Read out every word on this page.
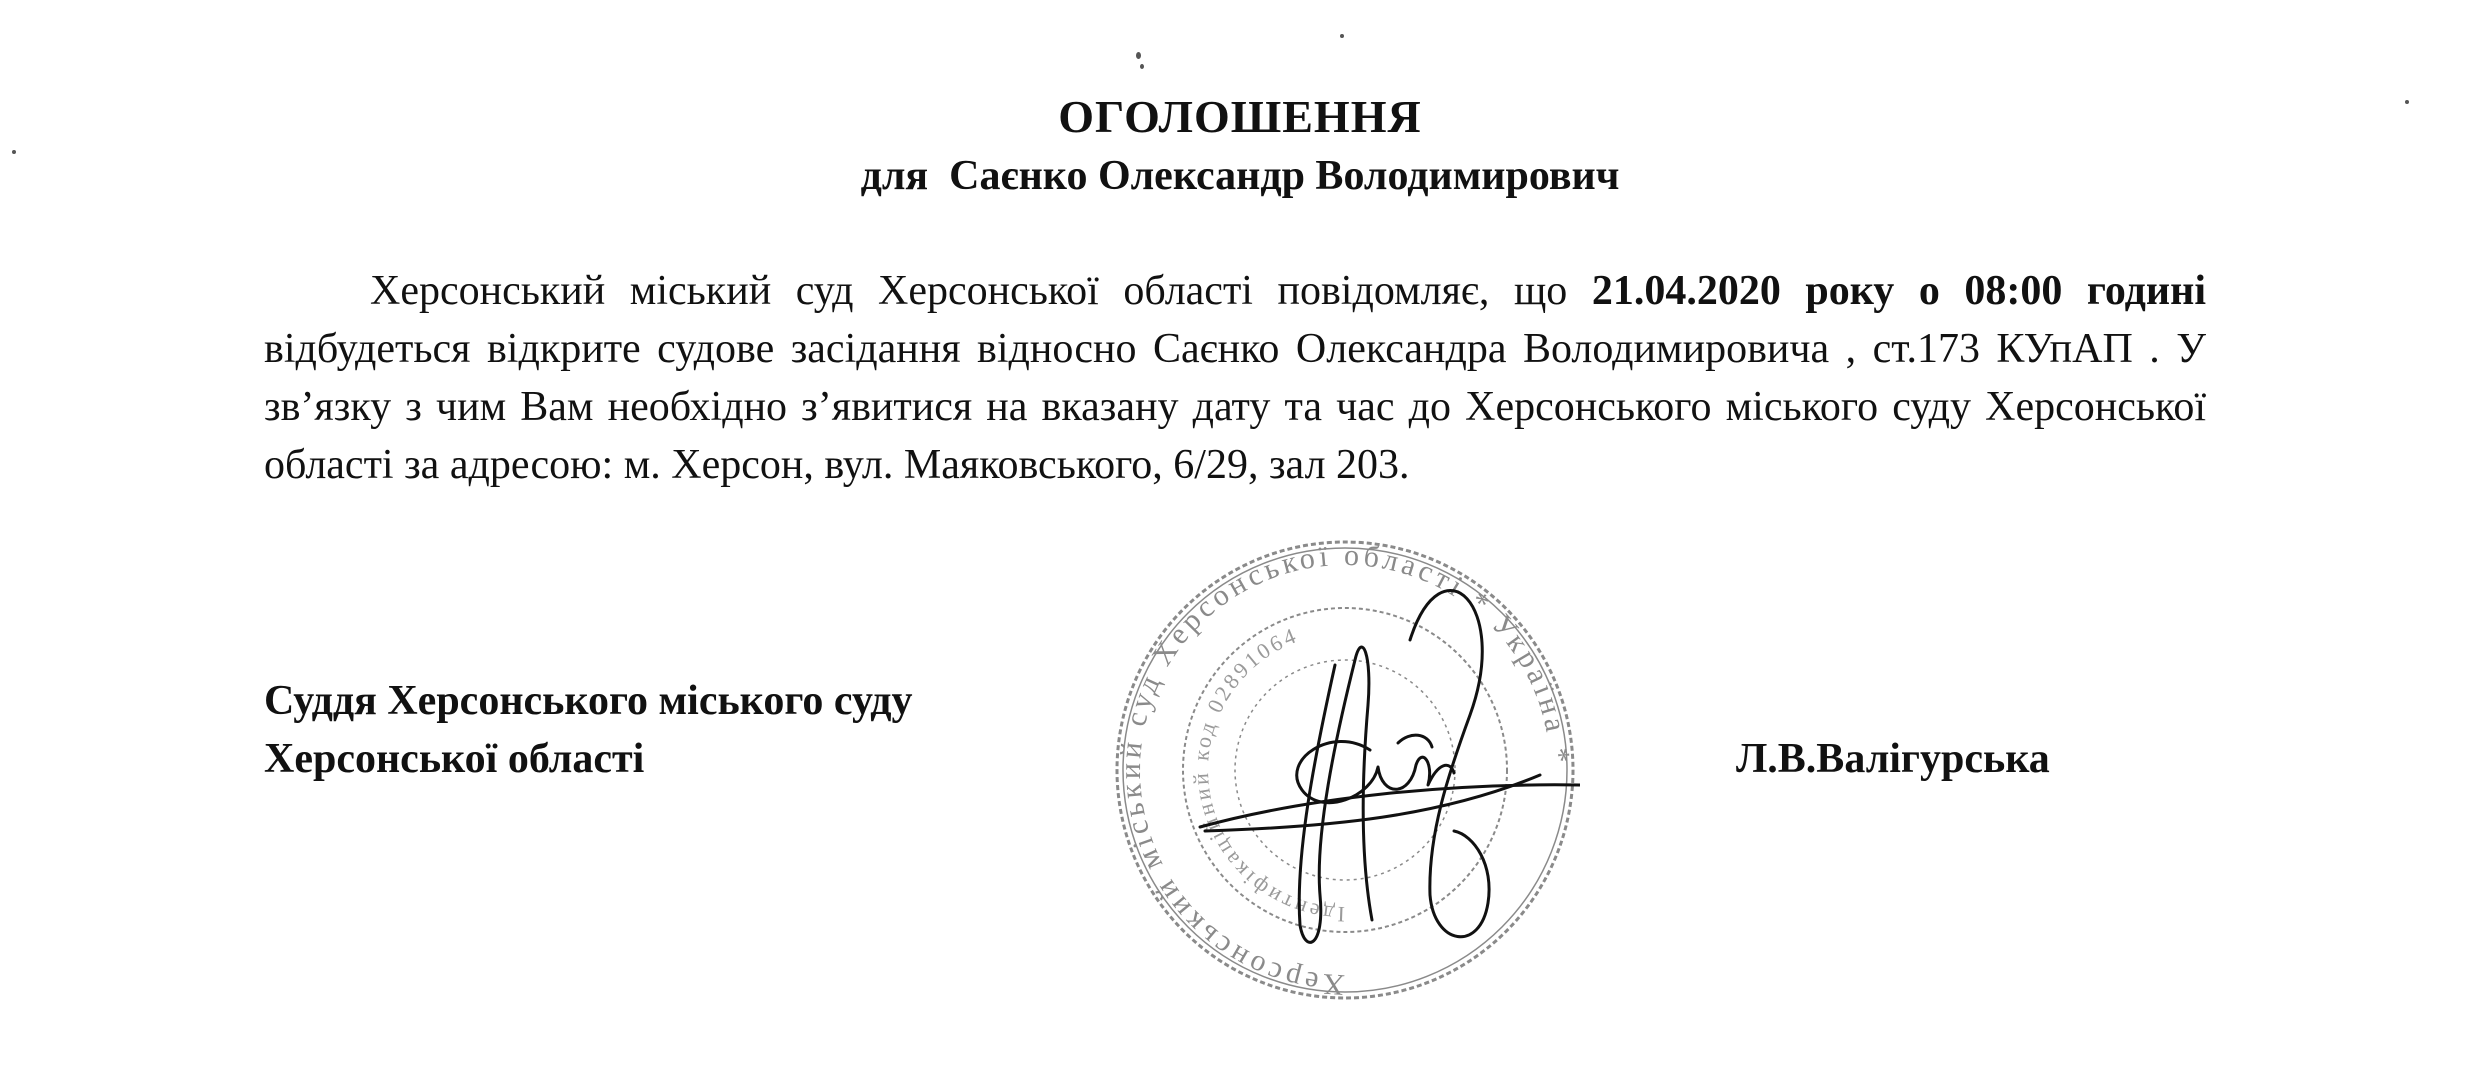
ОГОЛОШЕННЯ
для  Саєнко Олександр Володимирович
Херсонський міський суд Херсонської області повідомляє, що 21.04.2020 року о 08:00 годині відбудеться відкрите судове засідання відносно Саєнко Олександра Володимировича , ст.173 КУпАП . У зв’язку з чим Вам необхідно з’явитися на вказану дату та час до Херсонського міського суду Херсонської області за адресою: м. Херсон, вул. Маяковського, 6/29, зал 203.
Суддя Херсонського міського суду
Херсонської області
Херсонський міський суд Херсонської області * Україна *
Ідентифікаційний код 02891064
Л.В.Валігурська
